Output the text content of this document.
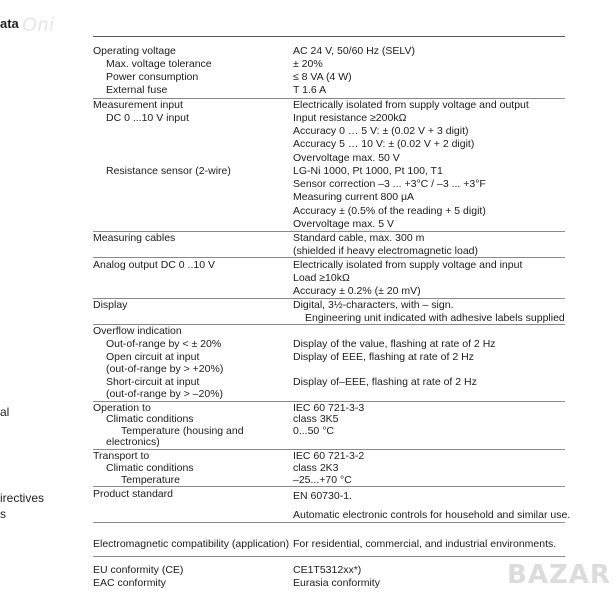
ata Oni
al
irectives
s
Operating voltage	AC 24 V, 50/60 Hz (SELV)
Max. voltage tolerance	± 20%
Power consumption	≤ 8 VA (4 W)
External fuse	T 1.6 A
Measurement input	Electrically isolated from supply voltage and output
DC 0 ...10 V input	Input resistance ≥200kΩ
Accuracy 0 … 5 V: ± (0.02 V + 3 digit)
Accuracy 5 … 10 V: ± (0.02 V + 2 digit)
Overvoltage max. 50 V
Resistance sensor (2-wire)	LG-Ni 1000, Pt 1000, Pt 100, T1
Sensor correction –3 ... +3°C / –3 ... +3°F
Measuring current 800 μA
Accuracy ± (0.5% of the reading + 5 digit)
Overvoltage max. 5 V
Measuring cables	Standard cable, max. 300 m
(shielded if heavy electromagnetic load)
Analog output DC 0 ..10 V	Electrically isolated from supply voltage and input
Load ≥10kΩ
Accuracy ± 0.2% (± 20 mV)
Display	Digital, 3½-characters, with – sign.
Engineering unit indicated with adhesive labels supplied
Overflow indication
Out-of-range by < ± 20%	Display of the value, flashing at rate of 2 Hz
Open circuit at input	Display of EEE, flashing at rate of 2 Hz
(out-of-range by > +20%)
Short-circuit at input	Display of–EEE, flashing at rate of 2 Hz
(out-of-range by > –20%)
Operation to	IEC 60 721-3-3
Climatic conditions	class 3K5
Temperature (housing and	0...50 °C
electronics)
Transport to	IEC 60 721-3-2
Climatic conditions	class 2K3
Temperature	–25...+70 °C
Product standard	EN 60730-1.
Automatic electronic controls for household and similar use.
Electromagnetic compatibility (application) For residential, commercial, and industrial environments.
EU conformity (CE)	CE1T5312xx*)
EAC conformity	Eurasia conformity	BAZAR
